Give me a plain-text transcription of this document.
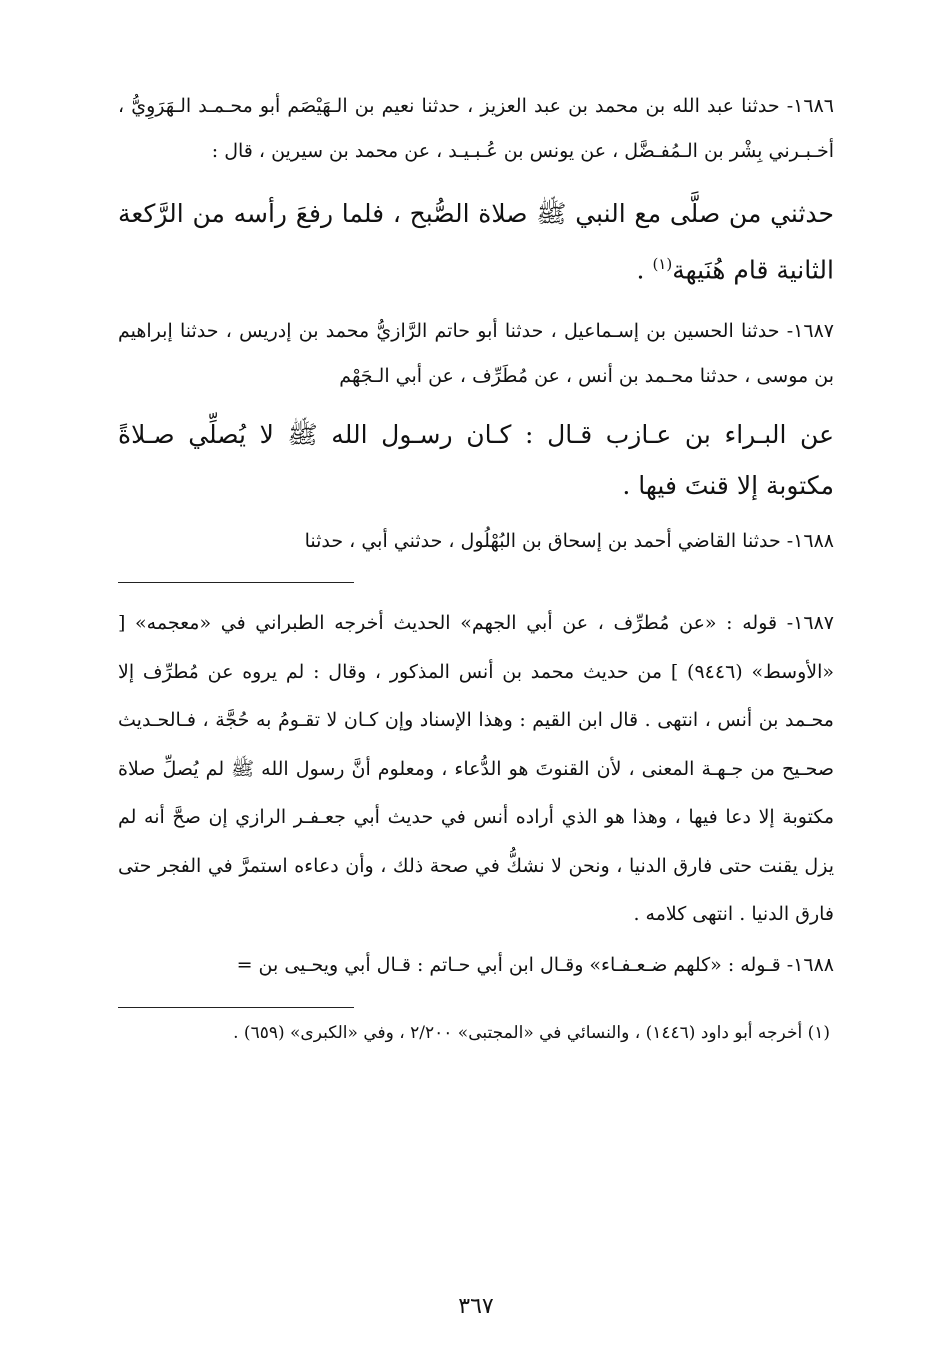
١٦٨٦- حدثنا عبد الله بن محمد بن عبد العزيز ، حدثنا نعيم بن الـهَيْصَم أبو محـمـد الـهَرَوِيُّ ، أخـبـرني بِشْر بن الـمُفـضَّل ، عن يونس بن عُـبـيـد ، عن محمد بن سيرين ، قال :

حدثني من صلَّى مع النبي ﷺ صلاة الصُّبح ، فلما رفعَ رأسه من الرَّكعة الثانية قام هُنَيهة$^{(١)}$ .

١٦٨٧- حدثنا الحسين بن إسـماعيل ، حدثنا أبو حاتم الرَّازيُّ محمد بن إدريس ، حدثنا إبراهيم بن موسى ، حدثنا محـمد بن أنس ، عن مُطَرِّف ، عن أبي الـجَهْم

عن البـراء بن عـازب قـال : كـان رسـول الله ﷺ لا يُصلِّي صـلاةً مكتوبة إلا قنتَ فيها .

١٦٨٨- حدثنا القاضي أحمد بن إسحاق بن البُهْلُول ، حدثني أبي ، حدثنا

١٦٨٧- قوله : «عن مُطرِّف ، عن أبي الجهم» الحديث أخرجه الطبراني في «معجمه» [ «الأوسط» (٩٤٤٦) ] من حديث محمد بن أنس المذكور ، وقال : لم يروه عن مُطرِّف إلا محـمد بن أنس ، انتهى . قال ابن القيم : وهذا الإسناد وإن كـان لا تقـومُ به حُجَّة ، فـالحـديث صحـيح من جـهـة المعنى ، لأن القنوتَ هو الدُّعاء ، ومعلوم أنَّ رسول الله ﷺ لم يُصلِّ صلاة مكتوبة إلا دعا فيها ، وهذا هو الذي أراده أنس في حديث أبي جعـفـر الرازي إن صحَّ أنه لم يزل يقنت حتى فارق الدنيا ، ونحن لا نشكُّ في صحة ذلك ، وأن دعاءه استمرَّ في الفجر حتى فارق الدنيا . انتهى كلامه .

١٦٨٨- قـوله : «كلهم ضـعـفـاء» وقـال ابن أبي حـاتم : قـال أبي ويحـيى بن =

(١) أخرجه أبو داود (١٤٤٦) ، والنسائي في «المجتبى» ٢/٢٠٠ ، وفي «الكبرى» (٦٥٩) .

٣٦٧
